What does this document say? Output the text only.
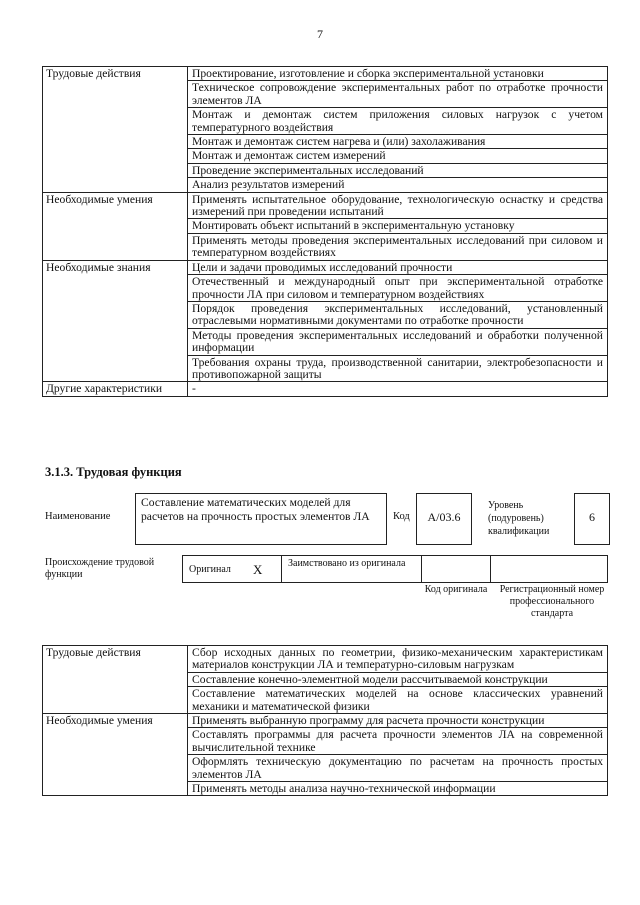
7
Трудовые действия	Проектирование, изготовление и сборка экспериментальной установки
	Техническое сопровождение экспериментальных работ по отработке прочности элементов ЛА
	Монтаж и демонтаж систем приложения силовых нагрузок с учетом температурного воздействия
	Монтаж и демонтаж систем нагрева и (или) захолаживания
	Монтаж и демонтаж систем измерений
	Проведение экспериментальных исследований
	Анализ результатов измерений
Необходимые умения	Применять испытательное оборудование, технологическую оснастку и средства измерений при проведении испытаний
	Монтировать объект испытаний в экспериментальную установку
	Применять методы проведения экспериментальных исследований при силовом и температурном воздействиях
Необходимые знания	Цели и задачи проводимых исследований прочности
	Отечественный и международный опыт при экспериментальной отработке прочности ЛА при силовом и температурном воздействиях
	Порядок проведения экспериментальных исследований, установленный отраслевыми нормативными документами по отработке прочности
	Методы проведения экспериментальных исследований и обработки полученной информации
	Требования охраны труда, производственной санитарии, электробезопасности и противопожарной защиты
Другие характеристики	-
3.1.3. Трудовая функция
Наименование
Составление математических моделей для расчетов на прочность простых элементов ЛА	Код	А/03.6
Уровень (подуровень) квалификации
6
Происхождение трудовой функции	Оригинал X	Заимствовано из оригинала
Код оригинала	Регистрационный номер профессионального стандарта
Трудовые действия	Сбор исходных данных по геометрии, физико-механическим характеристикам материалов конструкции ЛА и температурно-силовым нагрузкам
	Составление конечно-элементной модели рассчитываемой конструкции
	Составление математических моделей на основе классических уравнений механики и математической физики
Необходимые умения	Применять выбранную программу для расчета прочности конструкции
	Составлять программы для расчета прочности элементов ЛА на современной вычислительной технике
	Оформлять техническую документацию по расчетам на прочность простых элементов ЛА
	Применять методы анализа научно-технической информации
